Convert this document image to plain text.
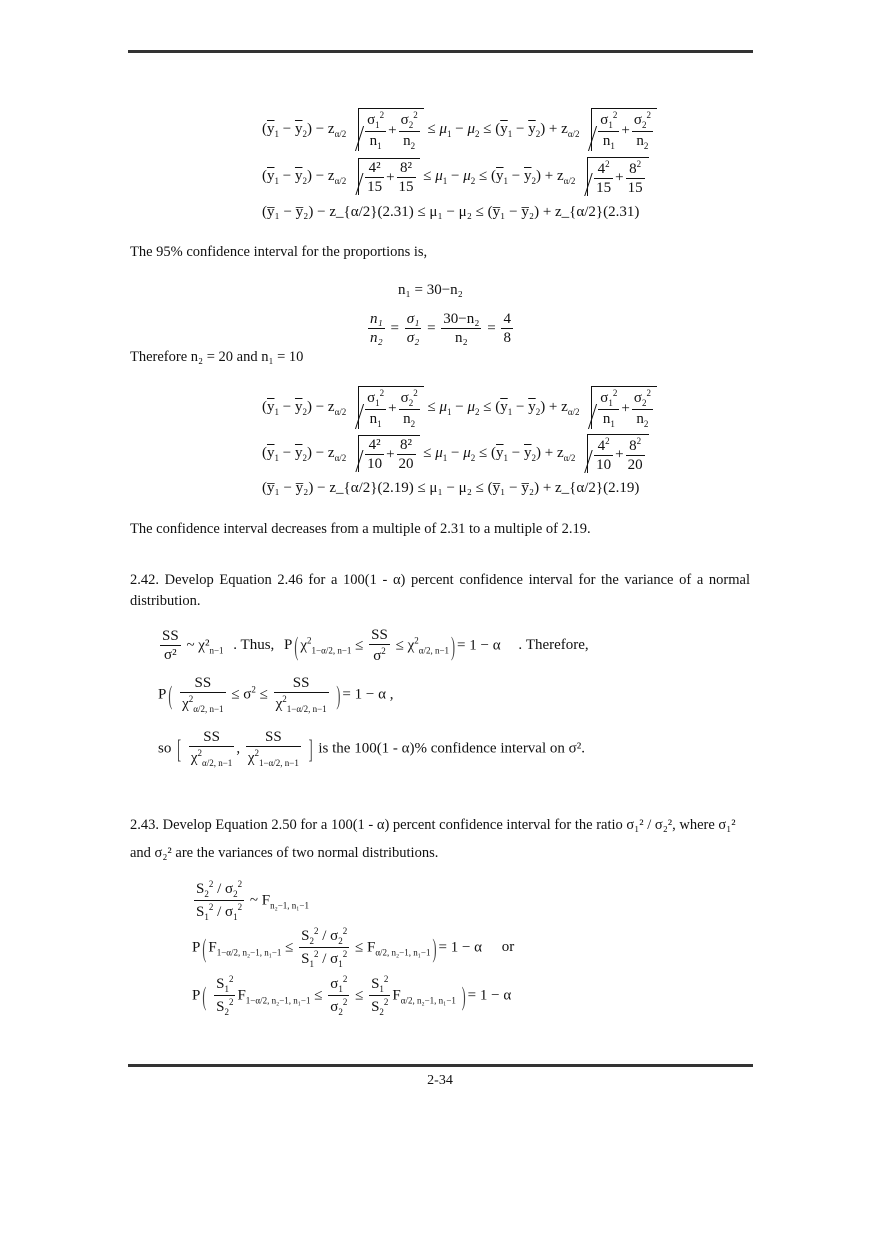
$(\overline{y}_1 - \overline{y}_2) - z_{\alpha/2} \frac{\sigma_1^2}{n_1} + \frac{\sigma_2^2}{n_2} \le \mu_1 - \mu_2 \le (\overline{y}_1 - \overline{y}_2) + z_{\alpha/2} \frac{\sigma_1^2}{n_1} + \frac{\sigma_2^2}{n_2}$
$(\overline{y}_1 - \overline{y}_2) - z_{\alpha/2} \frac{\text{4²}}{15} + \frac{\text{8²}}{15} \le \mu_1 - \mu_2 \le (\overline{y}_1 - \overline{y}_2) + z_{\alpha/2} \frac{4^2}{15} + \frac{8^2}{15}$
(y̅₁ − y̅₂) − z_{α/2}(2.31) ≤ μ₁ − μ₂ ≤ (y̅₁ − y̅₂) + z_{α/2}(2.31)
The 95% confidence interval for the proportions is,
n₁ = 30−n₂
$\frac{\text{n₁}}{\text{n₂}} = \frac{\text{σ₁}}{\text{σ₂}} = \frac{\text{30−n₂}}{\text{n₂}} = \frac{4}{8}$
Therefore n₂ = 20 and n₁ = 10
$(\overline{y}_1 - \overline{y}_2) - z_{\alpha/2} \frac{\sigma_1^2}{n_1} + \frac{\sigma_2^2}{n_2} \le \mu_1 - \mu_2 \le (\overline{y}_1 - \overline{y}_2) + z_{\alpha/2} \frac{\sigma_1^2}{n_1} + \frac{\sigma_2^2}{n_2}$
$(\overline{y}_1 - \overline{y}_2) - z_{\alpha/2} \frac{\text{4²}}{10} + \frac{\text{8²}}{20} \le \mu_1 - \mu_2 \le (\overline{y}_1 - \overline{y}_2) + z_{\alpha/2} \frac{4^2}{10} + \frac{8^2}{20}$
(y̅₁ − y̅₂) − z_{α/2}(2.19) ≤ μ₁ − μ₂ ≤ (y̅₁ − y̅₂) + z_{α/2}(2.19)
The confidence interval decreases from a multiple of 2.31 to a multiple of 2.19.
2.42. Develop Equation 2.46 for a 100(1 - α) percent confidence interval for the variance of a normal distribution.
$\frac{SS}{\text{σ²}}$ ~ $\chi^2_{n-1}$ . Thus, P ( $\chi^2_{1-\alpha/2, n-1} \le \frac{SS}{\sigma^2} \le \chi^2_{\alpha/2, n-1}$ ) = 1 − α . Therefore,
P ( $\frac{SS}{\chi^2_{\alpha/2, n-1}} \le \sigma^2 \le \frac{SS}{\chi^2_{1-\alpha/2, n-1}}$ ) = 1 − α ,
so [ $\frac{SS}{\chi^2_{\alpha/2, n-1}}$ , $\frac{SS}{\chi^2_{1-\alpha/2, n-1}}$ ] is the 100(1 - α)% confidence interval on σ².
2.43. Develop Equation 2.50 for a 100(1 - α) percent confidence interval for the ratio σ₁² / σ₂², where σ₁²
and σ₂² are the variances of two normal distributions.
$\frac{S_2^2 / \sigma_2^2}{S_1^2 / \sigma_1^2}$ ~ $F_{n_2-1, n_1-1}$
P ( $F_{1-\alpha/2, n_2-1, n_1-1} \le \frac{S_2^2 / \sigma_2^2}{S_1^2 / \sigma_1^2} \le F_{\alpha/2, n_2-1, n_1-1}$ ) = 1 − α or
P ( $\frac{S_1^2}{S_2^2} F_{1-\alpha/2, n_2-1, n_1-1} \le \frac{\sigma_1^2}{\sigma_2^2} \le \frac{S_1^2}{S_2^2} F_{\alpha/2, n_2-1, n_1-1}$ ) = 1 − α
2-34
